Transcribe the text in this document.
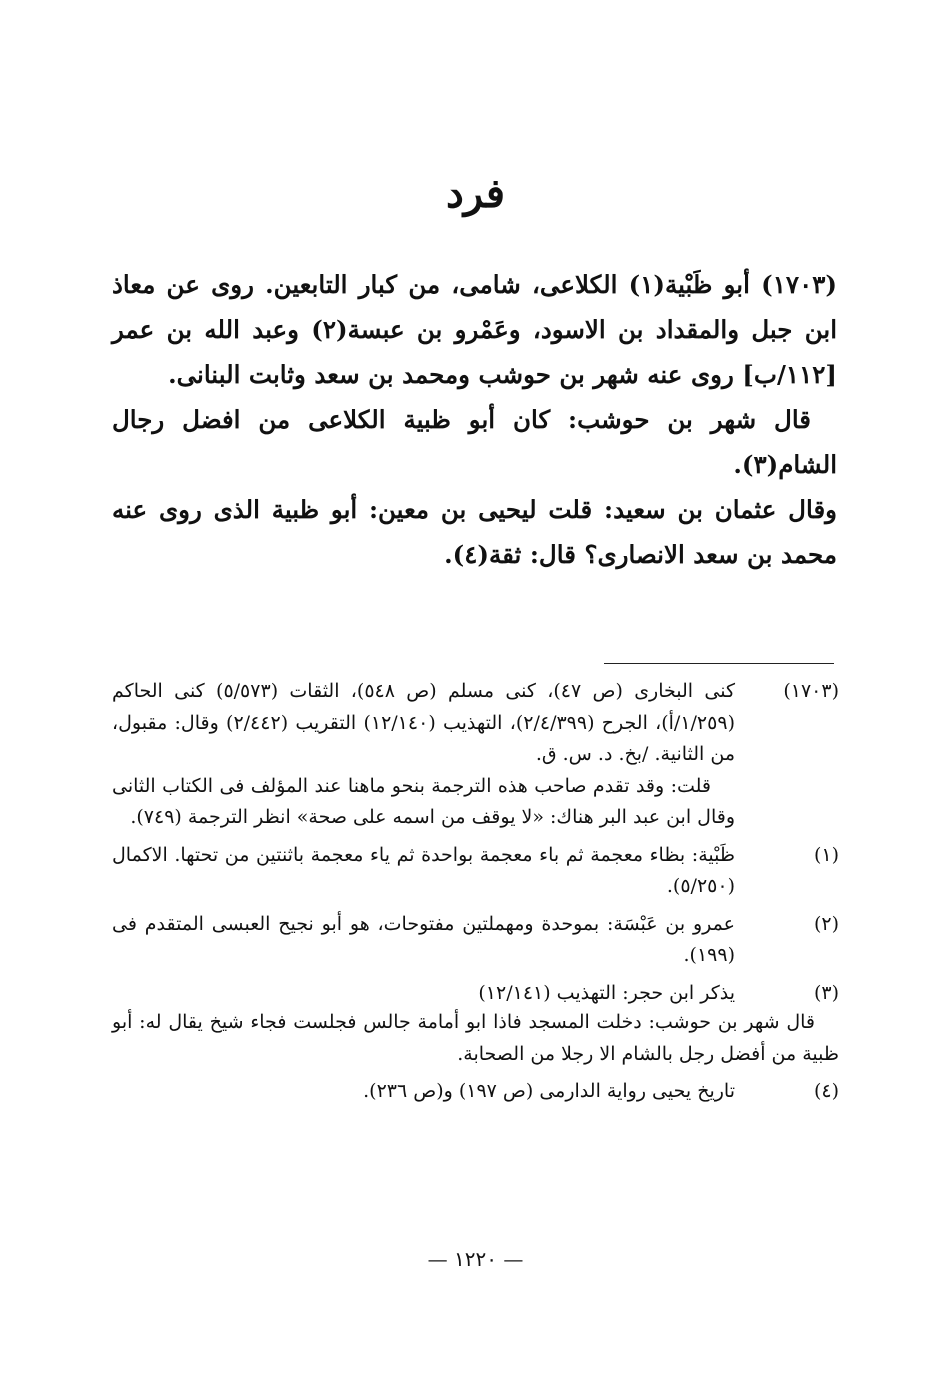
فرد

(١٧٠٣) أبو ظَبْية(١) الكلاعى، شامى، من كبار التابعين. روى عن معاذ ابن جبل والمقداد بن الاسود، وعَمْرو بن عبسة(٢) وعبد الله بن عمر [١١٢/ب] روى عنه شهر بن حوشب ومحمد بن سعد وثابت البنانى.

قال شهر بن حوشب: كان أبو ظبية الكلاعى من افضل رجال الشام(٣).

وقال عثمان بن سعيد: قلت ليحيى بن معين: أبو ظبية الذى روى عنه محمد بن سعد الانصارى؟ قال: ثقة(٤).

(١٧٠٣)

كنى البخارى (ص ٤٧)، كنى مسلم (ص ٥٤٨)، الثقات (٥/٥٧٣) كنى الحاكم (١/٢٥٩/أ)، الجرح (٢/٤/٣٩٩)، التهذيب (١٢/١٤٠) التقريب (٢/٤٤٢) وقال: مقبول، من الثانية. /بخ. د. س. ق.

قلت: وقد تقدم صاحب هذه الترجمة بنحو ماهنا عند المؤلف فى الكتاب الثانى وقال ابن عبد البر هناك: «لا يوقف من اسمه على صحة» انظر الترجمة (٧٤٩).

(١)

ظَبْية: بظاء معجمة ثم باء معجمة بواحدة ثم ياء معجمة باثنتين من تحتها. الاكمال (٥/٢٥٠).

(٢)

عمرو بن عَبْسَة: بموحدة ومهملتين مفتوحات، هو أبو نجيح العبسى المتقدم فى (١٩٩).

(٣)

يذكر ابن حجر: التهذيب (١٢/١٤١)

قال شهر بن حوشب: دخلت المسجد فاذا ابو أمامة جالس فجلست فجاء شيخ يقال له: أبو ظبية من أفضل رجل بالشام الا رجلا من الصحابة.

(٤)

تاريخ يحيى رواية الدارمى (ص ١٩٧) و(ص ٢٣٦).

— ١٢٢٠ —
